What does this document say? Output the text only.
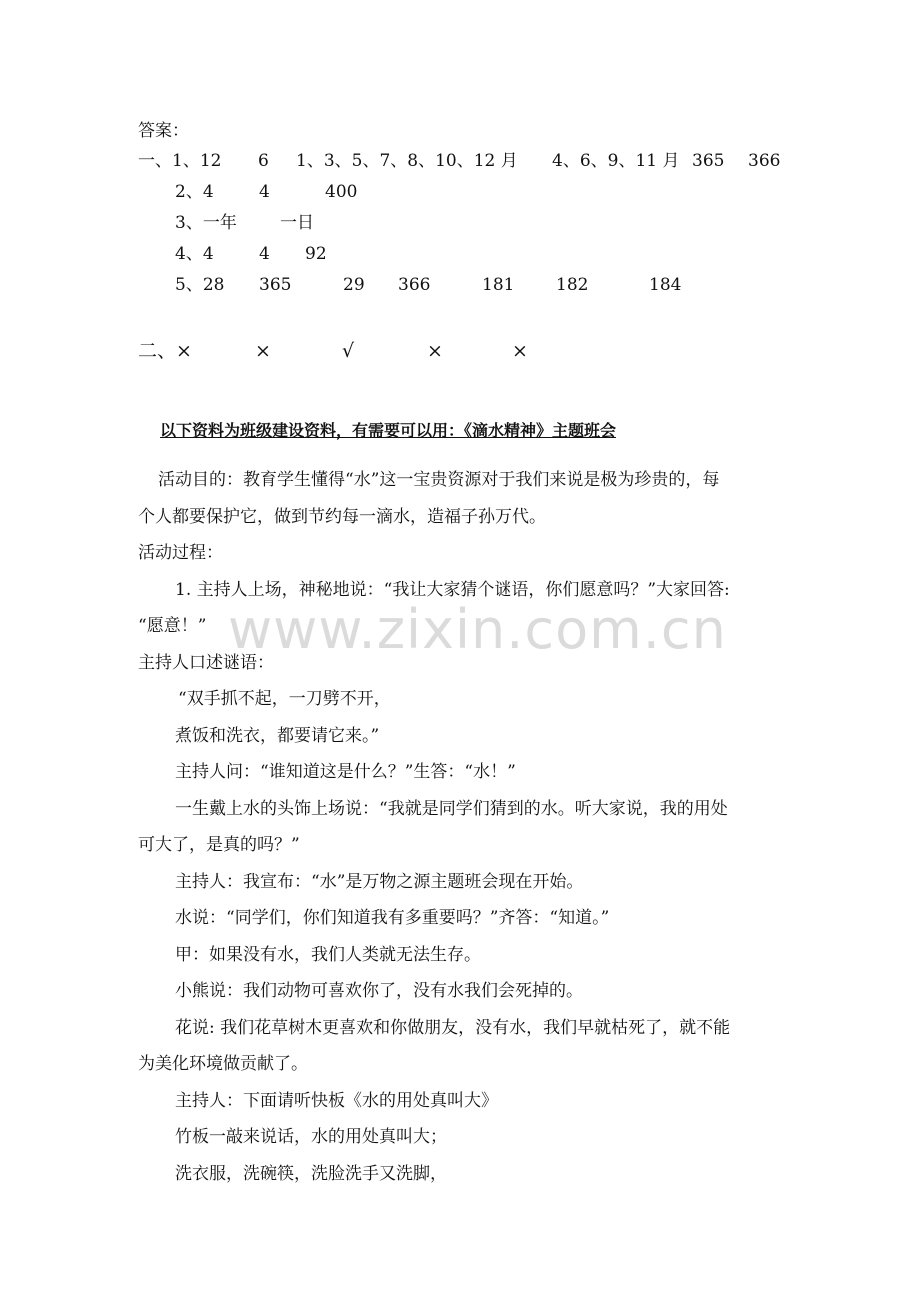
答案：
一、1、12 6 1、3、5、7、8、10、12 月 4、6、9、11 月 365 366
2、4	4	400
3、一年	一日
4、4	4 92
5、28 365	29 366	181 182	184
二、×	×	√	×	×
以下资料为班级建设资料，有需要可以用：《滴水精神》主题班会
活动目的：教育学生懂得“水”这一宝贵资源对于我们来说是极为珍贵的，每
个人都要保护它，做到节约每一滴水，造福子孙万代。
活动过程：
1. 主持人上场，神秘地说：“我让大家猜个谜语，你们愿意吗？”大家回答:
“愿意！”
主持人口述谜语：
“双手抓不起，一刀劈不开，
煮饭和洗衣，都要请它来。”
主持人问：“谁知道这是什么？”生答：“水！”
一生戴上水的头饰上场说：“我就是同学们猜到的水。听大家说，我的用处
可大了，是真的吗？”
主持人：我宣布：“水”是万物之源主题班会现在开始。
水说：“同学们，你们知道我有多重要吗？”齐答：“知道。”
甲：如果没有水，我们人类就无法生存。
小熊说：我们动物可喜欢你了，没有水我们会死掉的。
花说: 我们花草树木更喜欢和你做朋友，没有水，我们早就枯死了，就不能
为美化环境做贡献了。
主持人：下面请听快板《水的用处真叫大》
竹板一敲来说话，水的用处真叫大；
洗衣服，洗碗筷，洗脸洗手又洗脚，
www.zixin.com.cn
